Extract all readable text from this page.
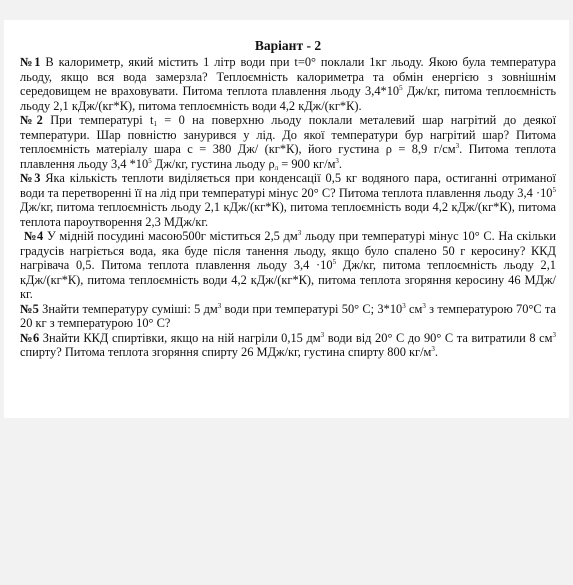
Варіант - 2

№1 В калориметр, який містить 1 літр води при t=0° поклали 1кг льоду. Якою була температура льоду, якщо вся вода замерзла? Теплоємність калориметра та обмін енергією з зовнішнім середовищем не враховувати. Питома теплота плавлення льоду $3,4*10^5$ Дж/кг, питома теплоємність льоду 2,1 кДж/(кг*К), питома теплоємність води 4,2 кДж/(кг*К).

№2 При температурі $t_1 = 0$ на поверхню льоду поклали металевий шар нагрітий до деякої температури. Шар повністю занурився у лід. До якої температури бур нагрітий шар? Питома теплоємність матеріалу шара c = 380 Дж/ (кг*К), його густина ρ = 8,9 $г/см^3$. Питома теплота плавлення льоду 3,4 $*10^5$ Дж/кг, густина льоду $\rho_л = 900$ $кг/м^3$.

№3 Яка кількість теплоти виділяється при конденсації 0,5 кг водяного пара, остиганні отриманої води та перетворенні її на лід при температурі мінус 20° С? Питома теплота плавлення льоду $3,4 \cdot 10^5$ Дж/кг, питома теплоємність льоду 2,1 кДж/(кг*К), питома теплоємність води 4,2 кДж/(кг*К), питома теплота пароутворення 2,3 МДж/кг.

№4 У мідній посудині масою500г міститься 2,5 $дм^3$ льоду при температурі мінус 10° С. На скільки градусів нагріється вода, яка буде після танення льоду, якщо було спалено 50 г керосину? ККД нагрівача 0,5. Питома теплота плавлення льоду $3,4 \cdot 10^5$ Дж/кг, питома теплоємність льоду 2,1 кДж/(кг*К), питома теплоємність води 4,2 кДж/(кг*К), питома теплота згоряння керосину 46 МДж/кг.

№5 Знайти температуру суміші: 5 $дм^3$ води при температурі 50° С; $3*10^3$ $см^3$ з температурою 70°С та 20 кг з температурою 10° С?

№6 Знайти ККД спиртівки, якщо на ній нагріли 0,15 $дм^3$ води від 20° С до 90° С та витратили 8 $см^3$ спирту? Питома теплота згоряння спирту 26 МДж/кг, густина спирту 800 $кг/м^3$.
